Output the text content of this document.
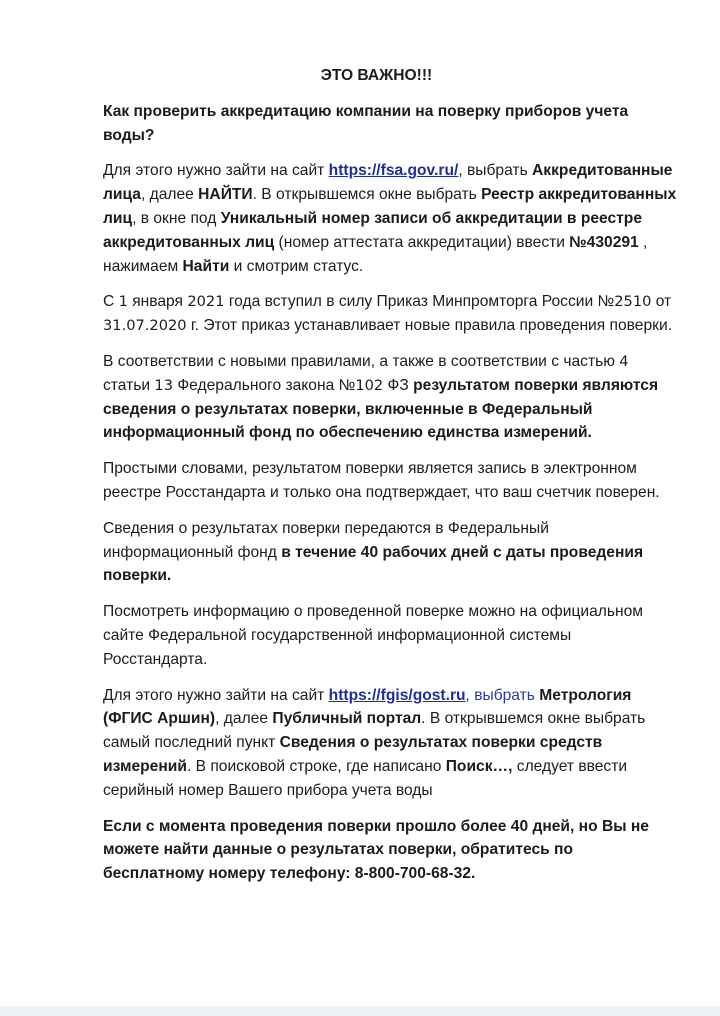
ЭТО ВАЖНО!!!

Как проверить аккредитацию компании на поверку приборов учета воды?

Для этого нужно зайти на сайт https://fsa.gov.ru/, выбрать Аккредитованные лица, далее НАЙТИ. В открывшемся окне выбрать Реестр аккредитованных лиц, в окне под Уникальный номер записи об аккредитации в реестре аккредитованных лиц (номер аттестата аккредитации) ввести №430291 , нажимаем Найти и смотрим статус.

С 1 января 2021 года вступил в силу Приказ Минпромторга России №2510 от 31.07.2020 г. Этот приказ устанавливает новые правила проведения поверки.

В соответствии с новыми правилами, а также в соответствии с частью 4 статьи 13 Федерального закона №102 ФЗ результатом поверки являются сведения о результатах поверки, включенные в Федеральный информационный фонд по обеспечению единства измерений.

Простыми словами, результатом поверки является запись в электронном реестре Росстандарта и только она подтверждает, что ваш счетчик поверен.

Сведения о результатах поверки передаются в Федеральный информационный фонд в течение 40 рабочих дней с даты проведения поверки.

Посмотреть информацию о проведенной поверке можно на официальном сайте Федеральной государственной информационной системы Росстандарта.

Для этого нужно зайти на сайт https://fgis/gost.ru, выбрать Метрология (ФГИС Аршин), далее Публичный портал. В открывшемся окне выбрать самый последний пункт Сведения о результатах поверки средств измерений. В поисковой строке, где написано Поиск…, следует ввести серийный номер Вашего прибора учета воды

Если с момента проведения поверки прошло более 40 дней, но Вы не можете найти данные о результатах поверки, обратитесь по бесплатному номеру телефону: 8-800-700-68-32.
